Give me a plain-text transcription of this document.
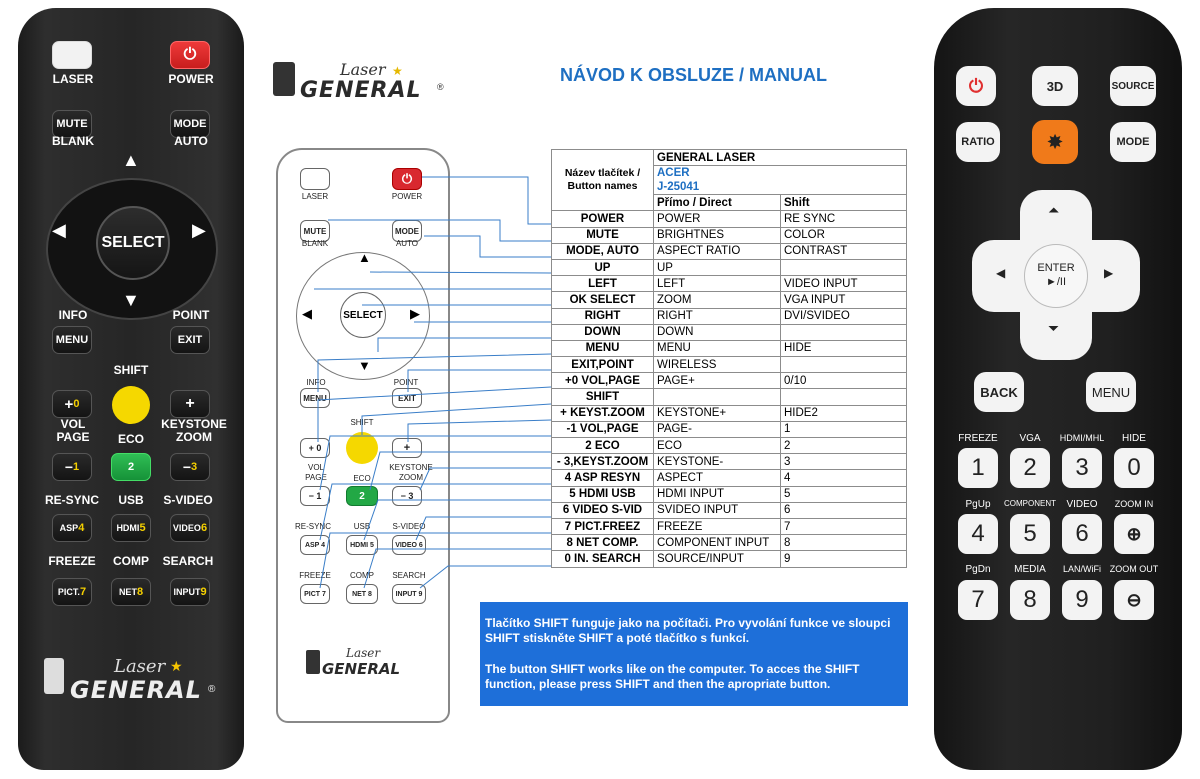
⏻
LASER	POWER
MUTE	MODE
BLANK	AUTO
▲
▼
◀	▶
SELECT
INFO	POINT
MENU	EXIT
SHIFT
+ 0	+
VOL
PAGE	ECO
KEYSTONE
ZOOM
− 1	2	− 3
RE-SYNC	USB	S-VIDEO
ASP 4	HDMI 5	VIDEO 6
FREEZE	COMP	SEARCH
PICT. 7	NET 8	INPUT 9
Laser ★
GENERAL ®
Laser ★
GENERAL ®
⏻
LASER	POWER
MUTE	MODE
BLANK	AUTO
▲
▼
◀	▶
SELECT
INFO	POINT
MENU	EXIT
SHIFT
+ 0	+
VOL
PAGE	ECO
KEYSTONE
ZOOM
− 1	2	− 3
RE-SYNC	USB	S-VIDEO
ASP 4	HDMI 5	VIDEO 6
FREEZE	COMP	SEARCH
PICT 7	NET 8	INPUT 9
Laser
GENERAL
NÁVOD K OBSLUZE / MANUAL
Název tlačítek / Button names	GENERAL LASER	
	ACER
J-25041	
	Přímo / Direct	Shift
POWER	POWER	RE SYNC
MUTE	BRIGHTNES	COLOR
MODE, AUTO	ASPECT RATIO	CONTRAST
UP	UP	
LEFT	LEFT	VIDEO INPUT
OK SELECT	ZOOM	VGA INPUT
RIGHT	RIGHT	DVI/SVIDEO
DOWN	DOWN	
MENU	MENU	HIDE
EXIT,POINT	WIRELESS	
+0 VOL,PAGE	PAGE+	0/10
SHIFT		
+ KEYST.ZOOM	KEYSTONE+	HIDE2
-1 VOL,PAGE	PAGE-	1
2 ECO	ECO	2
- 3,KEYST.ZOOM	KEYSTONE-	3
4 ASP RESYN	ASPECT	4
5 HDMI USB	HDMI INPUT	5
6 VIDEO S-VID	SVIDEO INPUT	6
7 PICT.FREEZ	FREEZE	7
8 NET COMP.	COMPONENT INPUT	8
0 IN. SEARCH	SOURCE/INPUT	9

Tlačítko SHIFT funguje jako na počítači. Pro vyvolání funkce ve sloupci SHIFT stiskněte SHIFT a poté tlačítko s funkcí.

The button SHIFT works like on the computer. To acces the SHIFT function, please press SHIFT and then the apropriate button.

⏻	3D	SOURCE
RATIO	✸	MODE
⏶
⏷
◀	▶
ENTER
►/II
BACK	MENU
FREEZE	VGA	HDMI/MHL	HIDE
1	2	3	0
PgUp	COMPONENT	VIDEO	ZOOM IN
4	5	6	⊕
PgDn	MEDIA	LAN/WiFi ZOOM OUT
7	8	9	⊖
